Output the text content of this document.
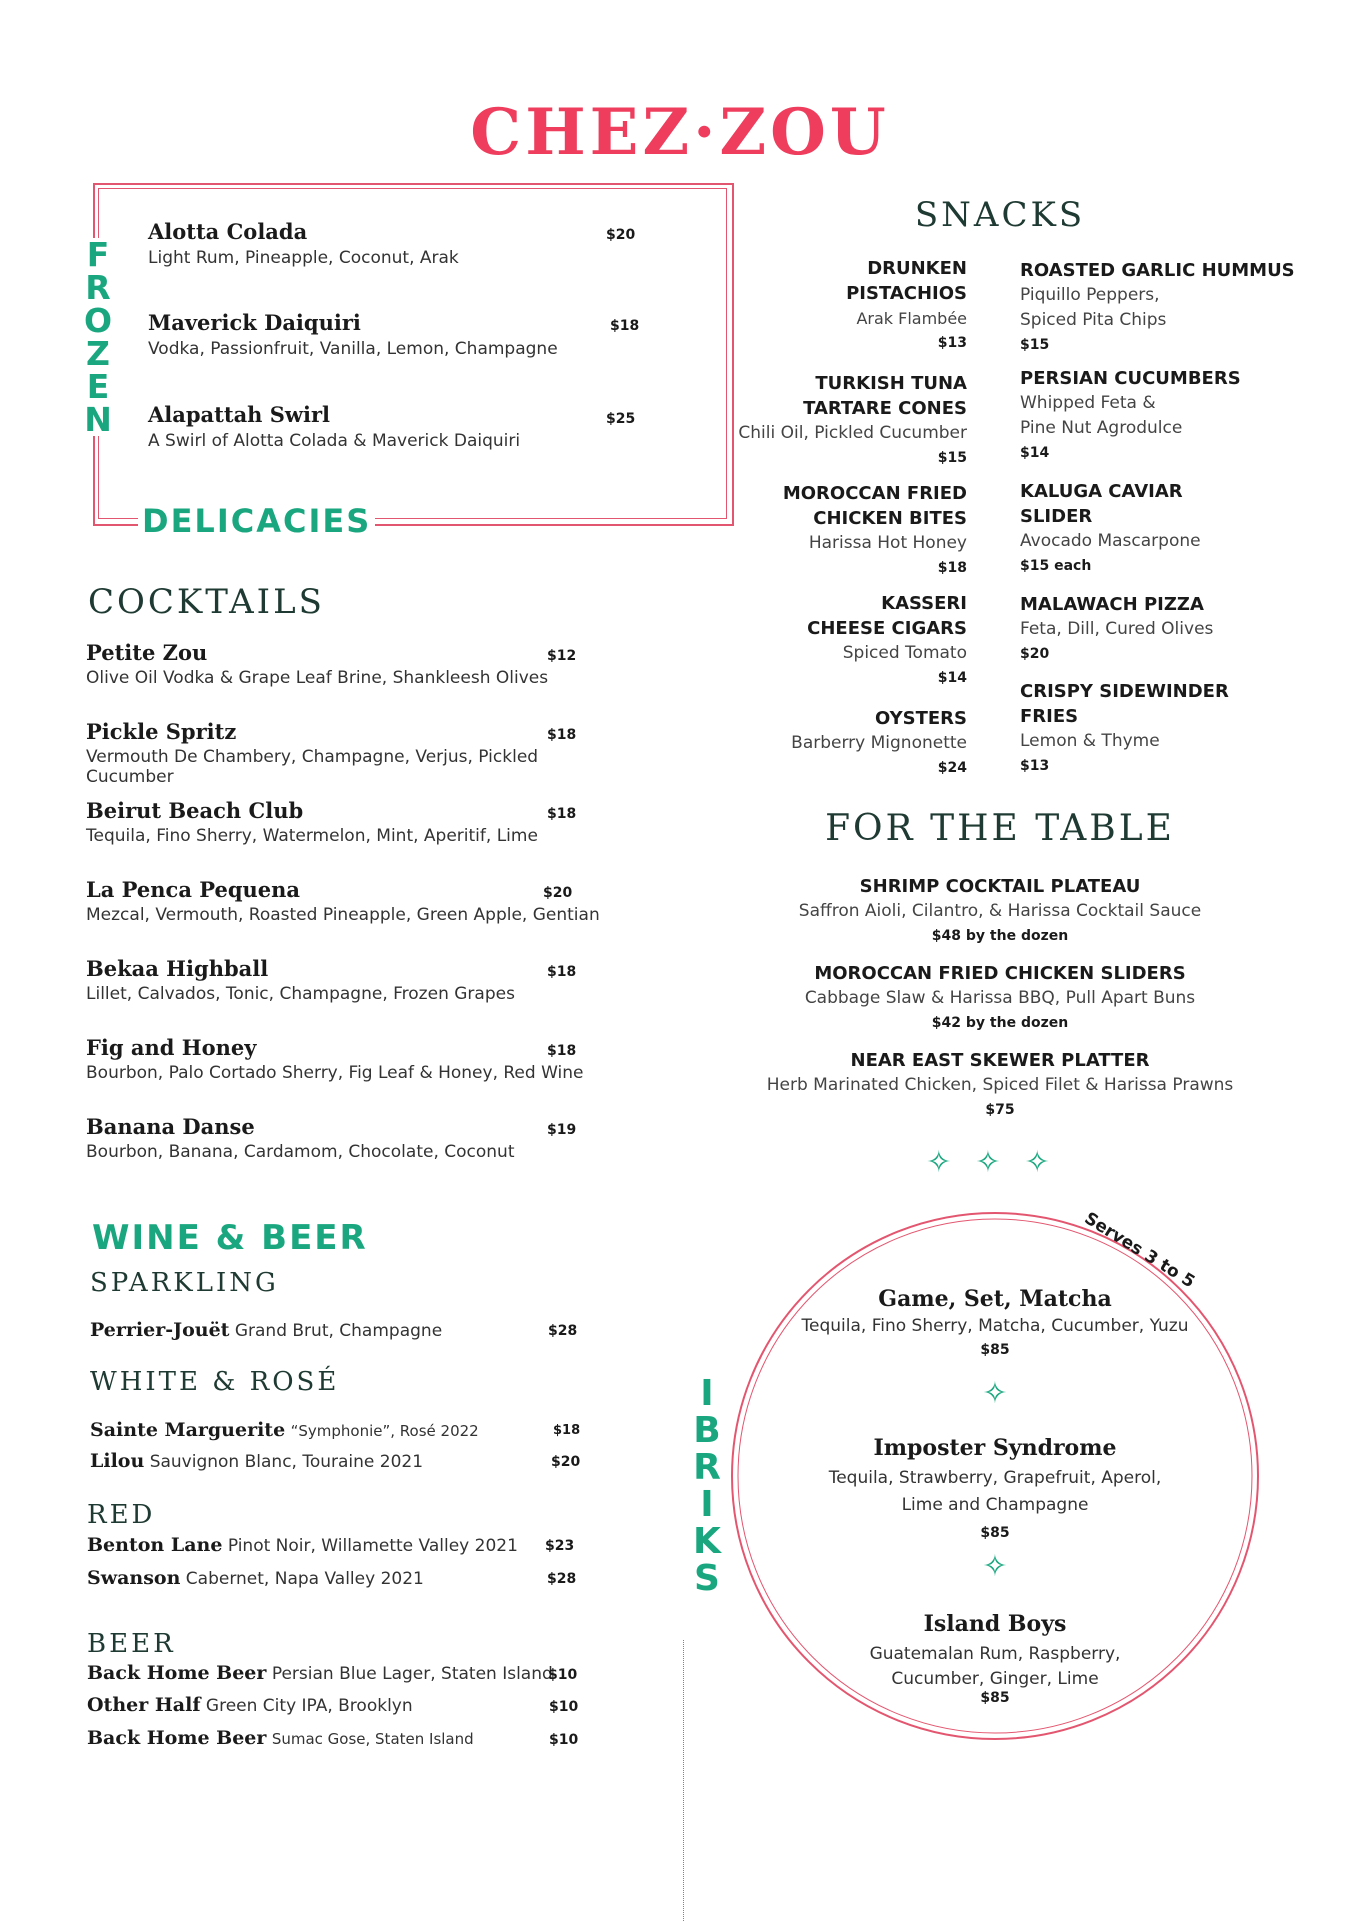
CHEZ·ZOU
F
R
O
Z
E
N
Alotta Colada
Light Rum, Pineapple, Coconut, Arak
$20
Maverick Daiquiri
Vodka, Passionfruit, Vanilla, Lemon, Champagne
$18
Alapattah Swirl
A Swirl of Alotta Colada & Maverick Daiquiri
$25
DELICACIES
COCKTAILS
Petite Zou
Olive Oil Vodka & Grape Leaf Brine, Shankleesh Olives
$12
Pickle Spritz
Vermouth De Chambery, Champagne, Verjus, Pickled Cucumber
$18
Beirut Beach Club
Tequila, Fino Sherry, Watermelon, Mint, Aperitif, Lime
$18
La Penca Pequena
Mezcal, Vermouth, Roasted Pineapple, Green Apple, Gentian
$20
Bekaa Highball
Lillet, Calvados, Tonic, Champagne, Frozen Grapes
$18
Fig and Honey
Bourbon, Palo Cortado Sherry, Fig Leaf & Honey, Red Wine
$18
Banana Danse
Bourbon, Banana, Cardamom, Chocolate, Coconut
$19
WINE & BEER
SPARKLING
Perrier-Jouët Grand Brut, Champagne	$28
WHITE & ROSÉ
Sainte Marguerite “Symphonie”, Rosé 2022	$18
Lilou Sauvignon Blanc, Touraine 2021	$20
RED
Benton Lane Pinot Noir, Willamette Valley 2021 $23
Swanson Cabernet, Napa Valley 2021	$28
BEER
Back Home Beer Persian Blue Lager, Staten Island
$10
Other Half Green City IPA, Brooklyn	$10
Back Home Beer Sumac Gose, Staten Island	$10
SNACKS
DRUNKEN
PISTACHIOS
Arak Flambée
$13
TURKISH TUNA
TARTARE CONES
Chili Oil, Pickled Cucumber
$15
MOROCCAN FRIED
CHICKEN BITES
Harissa Hot Honey
$18
KASSERI
CHEESE CIGARS
Spiced Tomato
$14
OYSTERS
Barberry Mignonette
$24
ROASTED GARLIC HUMMUS
Piquillo Peppers,
Spiced Pita Chips
$15
PERSIAN CUCUMBERS
Whipped Feta &
Pine Nut Agrodulce
$14
KALUGA CAVIAR
SLIDER
Avocado Mascarpone
$15 each
MALAWACH PIZZA
Feta, Dill, Cured Olives
$20
CRISPY SIDEWINDER
FRIES
Lemon & Thyme
$13
FOR THE TABLE
SHRIMP COCKTAIL PLATEAU
Saffron Aioli, Cilantro, & Harissa Cocktail Sauce
$48 by the dozen
MOROCCAN FRIED CHICKEN SLIDERS
Cabbage Slaw & Harissa BBQ, Pull Apart Buns
$42 by the dozen
NEAR EAST SKEWER PLATTER
Herb Marinated Chicken, Spiced Filet & Harissa Prawns
$75
✧✧✧
Serves 3 to 5
I
B
R
I
K
S
Game, Set, Matcha
Tequila, Fino Sherry, Matcha, Cucumber, Yuzu
$85
✧
Imposter Syndrome
Tequila, Strawberry, Grapefruit, Aperol,
Lime and Champagne
$85
✧
Island Boys
Guatemalan Rum, Raspberry,
Cucumber, Ginger, Lime
$85
